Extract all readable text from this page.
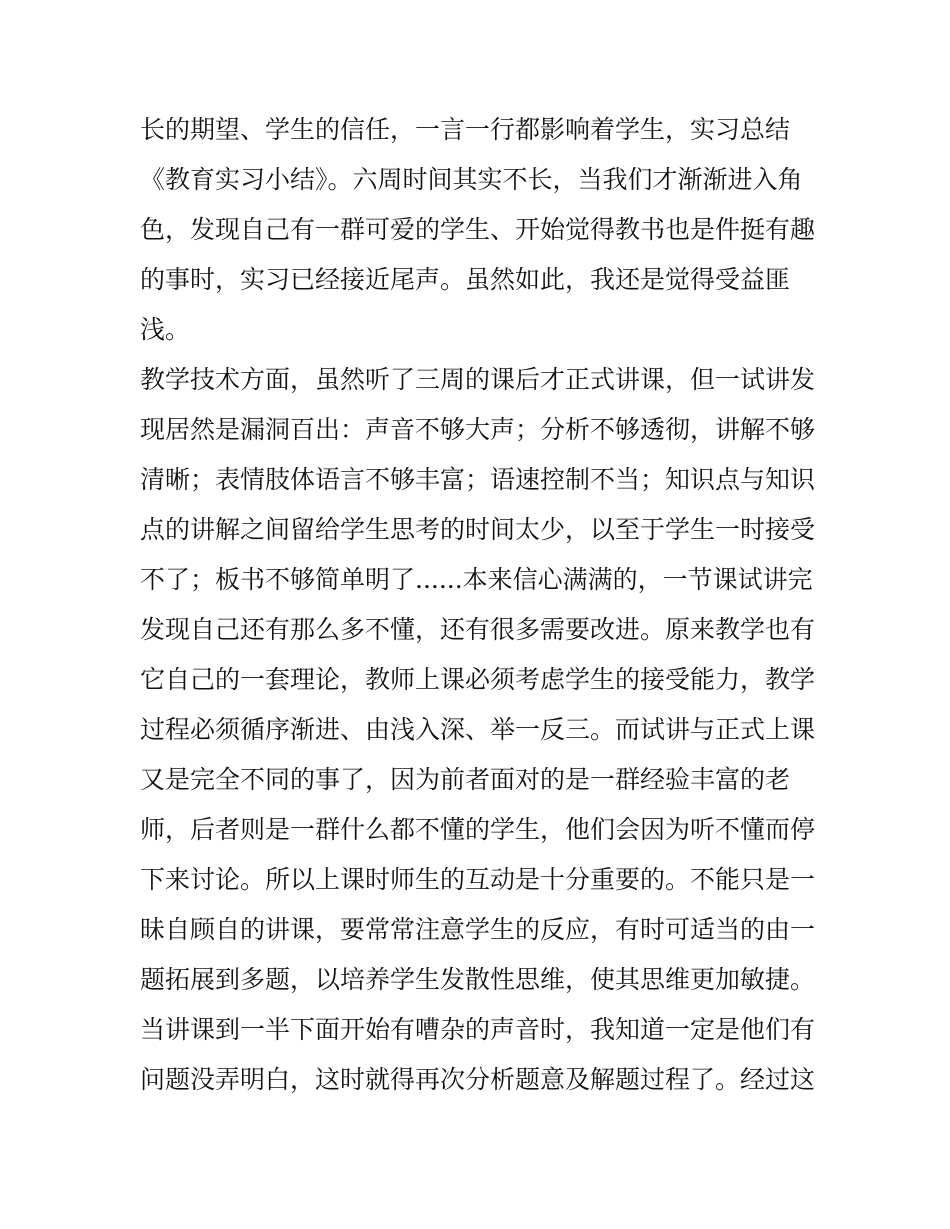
长的期望、学生的信任，一言一行都影响着学生，实习总结
《教育实习小结》。六周时间其实不长，当我们才渐渐进入角
色，发现自己有一群可爱的学生、开始觉得教书也是件挺有趣
的事时，实习已经接近尾声。虽然如此，我还是觉得受益匪
浅。
教学技术方面，虽然听了三周的课后才正式讲课，但一试讲发
现居然是漏洞百出：声音不够大声；分析不够透彻，讲解不够
清晰；表情肢体语言不够丰富；语速控制不当；知识点与知识
点的讲解之间留给学生思考的时间太少，以至于学生一时接受
不了；板书不够简单明了......本来信心满满的，一节课试讲完
发现自己还有那么多不懂，还有很多需要改进。原来教学也有
它自己的一套理论，教师上课必须考虑学生的接受能力，教学
过程必须循序渐进、由浅入深、举一反三。而试讲与正式上课
又是完全不同的事了，因为前者面对的是一群经验丰富的老
师，后者则是一群什么都不懂的学生，他们会因为听不懂而停
下来讨论。所以上课时师生的互动是十分重要的。不能只是一
昧自顾自的讲课，要常常注意学生的反应，有时可适当的由一
题拓展到多题，以培养学生发散性思维，使其思维更加敏捷。
当讲课到一半下面开始有嘈杂的声音时，我知道一定是他们有
问题没弄明白，这时就得再次分析题意及解题过程了。经过这
